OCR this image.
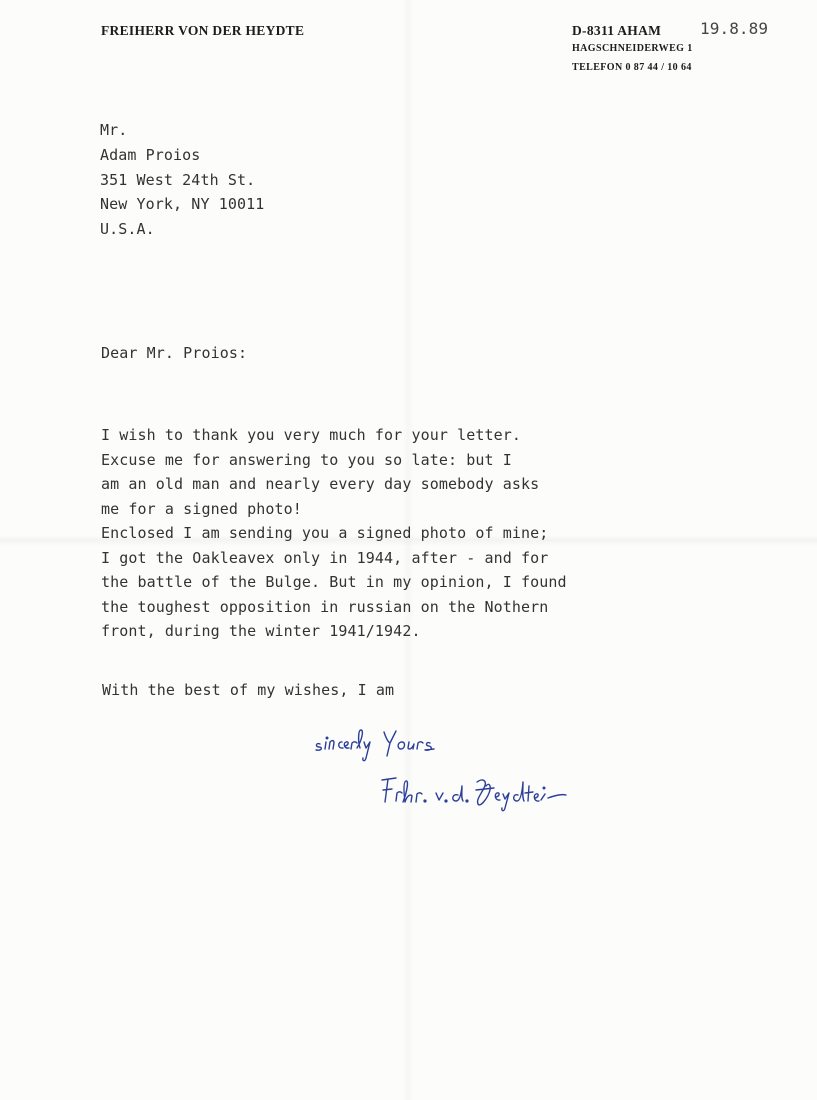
FREIHERR VON DER HEYDTE	D-8311 AHAM
HAGSCHNEIDERWEG 1
TELEFON 0 87 44 / 10 64
19.8.89
Mr.
Adam Proios
351 West 24th St.
New York, NY 10011
U.S.A.
Dear Mr. Proios:
I wish to thank you very much for your letter.
Excuse me for answering to you so late: but I
am an old man and nearly every day somebody asks
me for a signed photo!
Enclosed I am sending you a signed photo of mine;
I got the Oakleavex only in 1944, after - and for
the battle of the Bulge. But in my opinion, I found
the toughest opposition in russian on the Nothern
front, during the winter 1941/1942.
With the best of my wishes, I am
